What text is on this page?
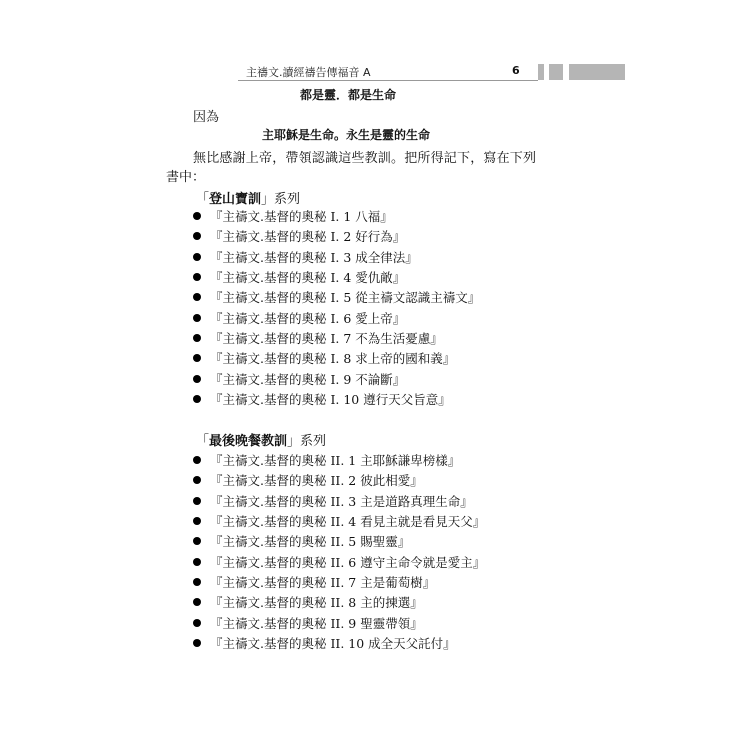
主禱文.讀經禱告傳福音 A	6
都是靈．都是生命
因為
主耶穌是生命。永生是靈的生命
無比感謝上帝，帶領認識這些教訓。把所得記下，寫在下列
書中：
「登山寶訓」系列
『主禱文.基督的奧秘 I. 1 八福』
『主禱文.基督的奧秘 I. 2 好行為』
『主禱文.基督的奧秘 I. 3 成全律法』
『主禱文.基督的奧秘 I. 4 愛仇敵』
『主禱文.基督的奧秘 I. 5 從主禱文認識主禱文』
『主禱文.基督的奧秘 I. 6 愛上帝』
『主禱文.基督的奧秘 I. 7 不為生活憂慮』
『主禱文.基督的奧秘 I. 8 求上帝的國和義』
『主禱文.基督的奧秘 I. 9 不論斷』
『主禱文.基督的奧秘 I. 10 遵行天父旨意』
「最後晚餐教訓」系列
『主禱文.基督的奧秘 II. 1 主耶穌謙卑榜樣』
『主禱文.基督的奧秘 II. 2 彼此相愛』
『主禱文.基督的奧秘 II. 3 主是道路真理生命』
『主禱文.基督的奧秘 II. 4 看見主就是看見天父』
『主禱文.基督的奧秘 II. 5 賜聖靈』
『主禱文.基督的奧秘 II. 6 遵守主命令就是愛主』
『主禱文.基督的奧秘 II. 7 主是葡萄樹』
『主禱文.基督的奧秘 II. 8 主的揀選』
『主禱文.基督的奧秘 II. 9 聖靈帶領』
『主禱文.基督的奧秘 II. 10 成全天父託付』
